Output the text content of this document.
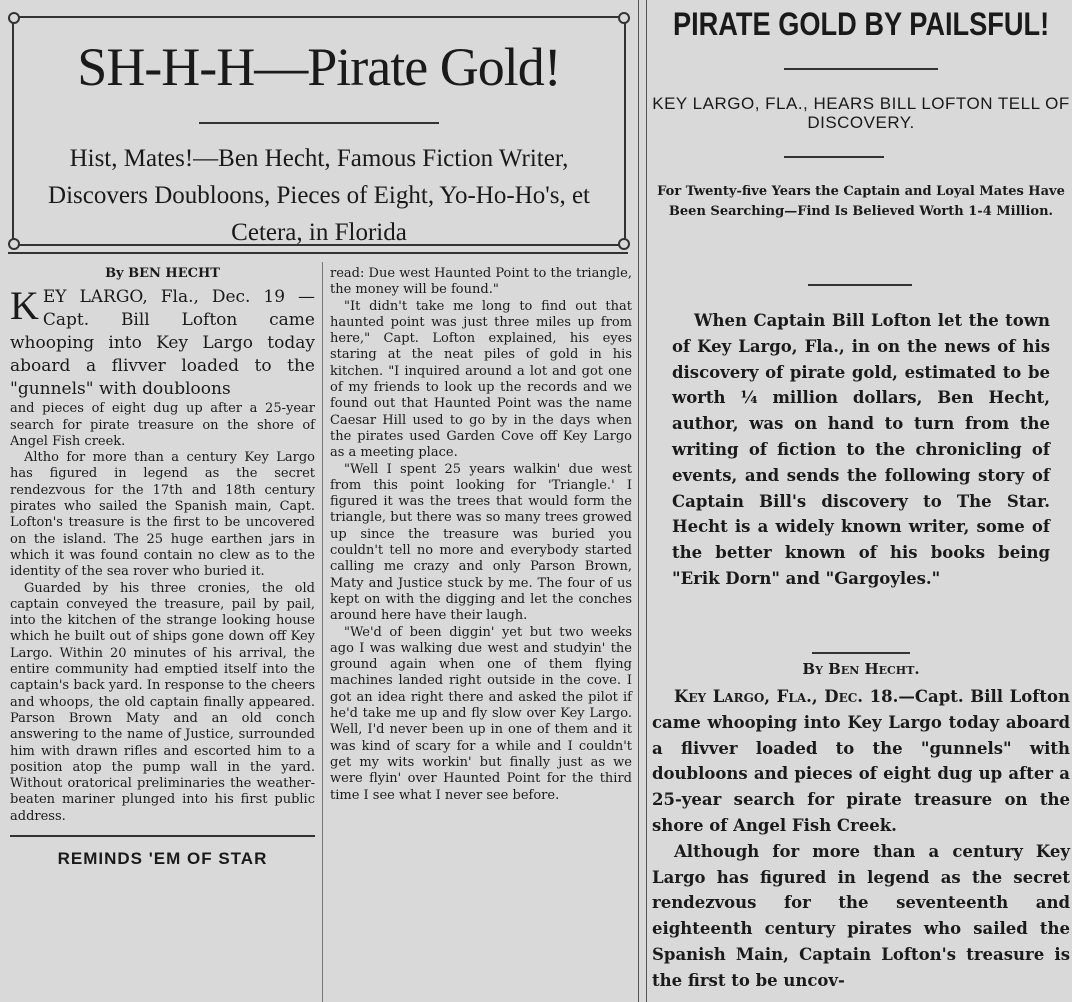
SH-H-H—Pirate Gold!
Hist, Mates!—Ben Hecht, Famous Fiction Writer, Discovers Doubloons, Pieces of Eight, Yo-Ho-Ho's, et Cetera, in Florida
By BEN HECHT
KEY LARGO, Fla., Dec. 19 —Capt. Bill Lofton came whooping into Key Largo today aboard a flivver loaded to the "gunnels" with doubloons

and pieces of eight dug up after a 25-year search for pirate treasure on the shore of Angel Fish creek.

Altho for more than a century Key Largo has figured in legend as the secret rendezvous for the 17th and 18th century pirates who sailed the Spanish main, Capt. Lofton's treasure is the first to be uncovered on the island. The 25 huge earthen jars in which it was found contain no clew as to the identity of the sea rover who buried it.

Guarded by his three cronies, the old captain conveyed the treasure, pail by pail, into the kitchen of the strange looking house which he built out of ships gone down off Key Largo. Within 20 minutes of his arrival, the entire community had emptied itself into the captain's back yard. In response to the cheers and whoops, the old captain finally appeared. Parson Brown Maty and an old conch answering to the name of Justice, surrounded him with drawn rifles and escorted him to a position atop the pump wall in the yard. Without oratorical preliminaries the weather-beaten mariner plunged into his first public address.

REMINDS 'EM OF STAR

read: Due west Haunted Point to the triangle, the money will be found."

"It didn't take me long to find out that haunted point was just three miles up from here," Capt. Lofton explained, his eyes staring at the neat piles of gold in his kitchen. "I inquired around a lot and got one of my friends to look up the records and we found out that Haunted Point was the name Caesar Hill used to go by in the days when the pirates used Garden Cove off Key Largo as a meeting place.

"Well I spent 25 years walkin' due west from this point looking for 'Triangle.' I figured it was the trees that would form the triangle, but there was so many trees growed up since the treasure was buried you couldn't tell no more and everybody started calling me crazy and only Parson Brown, Maty and Justice stuck by me. The four of us kept on with the digging and let the conches around here have their laugh.

"We'd of been diggin' yet but two weeks ago I was walking due west and studyin' the ground again when one of them flying machines landed right outside in the cove. I got an idea right there and asked the pilot if he'd take me up and fly slow over Key Largo. Well, I'd never been up in one of them and it was kind of scary for a while and I couldn't get my wits workin' but finally just as we were flyin' over Haunted Point for the third time I see what I never see before.

PIRATE GOLD BY PAILSFUL!
KEY LARGO, FLA., HEARS BILL LOFTON TELL OF DISCOVERY.
For Twenty-five Years the Captain and Loyal Mates Have Been Searching—Find Is Believed Worth 1-4 Million.

When Captain Bill Lofton let the town of Key Largo, Fla., in on the news of his discovery of pirate gold, estimated to be worth ¼ million dollars, Ben Hecht, author, was on hand to turn from the writing of fiction to the chronicling of events, and sends the following story of Captain Bill's discovery to The Star. Hecht is a widely known writer, some of the better known of his books being "Erik Dorn" and "Gargoyles."

By Ben Hecht.

Key Largo, Fla., Dec. 18.—Capt. Bill Lofton came whooping into Key Largo today aboard a flivver loaded to the "gunnels" with doubloons and pieces of eight dug up after a 25-year search for pirate treasure on the shore of Angel Fish Creek.

Although for more than a century Key Largo has figured in legend as the secret rendezvous for the seventeenth and eighteenth century pirates who sailed the Spanish Main, Captain Lofton's treasure is the first to be uncov-
